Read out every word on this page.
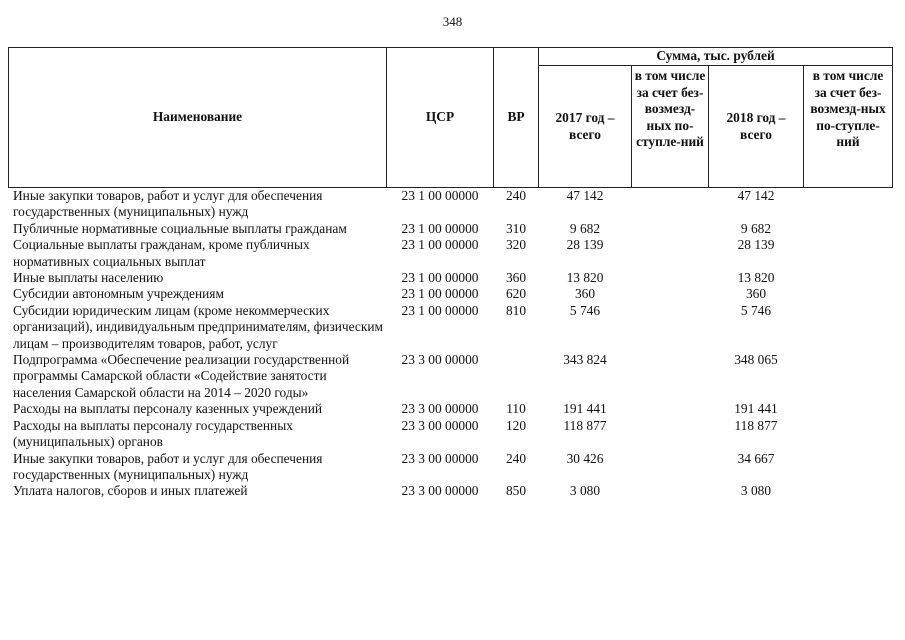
348
Наименование	ЦСР	ВР	Сумма, тыс. рублей			
			2017 год – всего	в том числе за счет без-возмезд-ных по-ступле-ний	2018 год – всего	в том числе за счет без-возмезд-ных по-ступле-ний
Иные закупки товаров, работ и услуг для обеспечения государственных (муниципальных) нужд	23 1 00 00000	240	47 142		47 142	
Публичные нормативные социальные выплаты гражданам	23 1 00 00000	310	9 682		9 682	
Социальные выплаты гражданам, кроме публичных нормативных социальных выплат	23 1 00 00000	320	28 139		28 139	
Иные выплаты населению	23 1 00 00000	360	13 820		13 820	
Субсидии автономным учреждениям	23 1 00 00000	620	360		360	
Субсидии юридическим лицам (кроме некоммерческих организаций), индивидуальным предпринимателям, физическим лицам – производителям товаров, работ, услуг	23 1 00 00000	810	5 746		5 746	
Подпрограмма «Обеспечение реализации государственной программы Самарской области «Содействие занятости населения Самарской области на 2014 – 2020 годы»	23 3 00 00000		343 824		348 065	
Расходы на выплаты персоналу казенных учреждений	23 3 00 00000	110	191 441		191 441	
Расходы на выплаты персоналу государственных (муниципальных) органов	23 3 00 00000	120	118 877		118 877	
Иные закупки товаров, работ и услуг для обеспечения государственных (муниципальных) нужд	23 3 00 00000	240	30 426		34 667	
Уплата налогов, сборов и иных платежей	23 3 00 00000	850	3 080		3 080	
